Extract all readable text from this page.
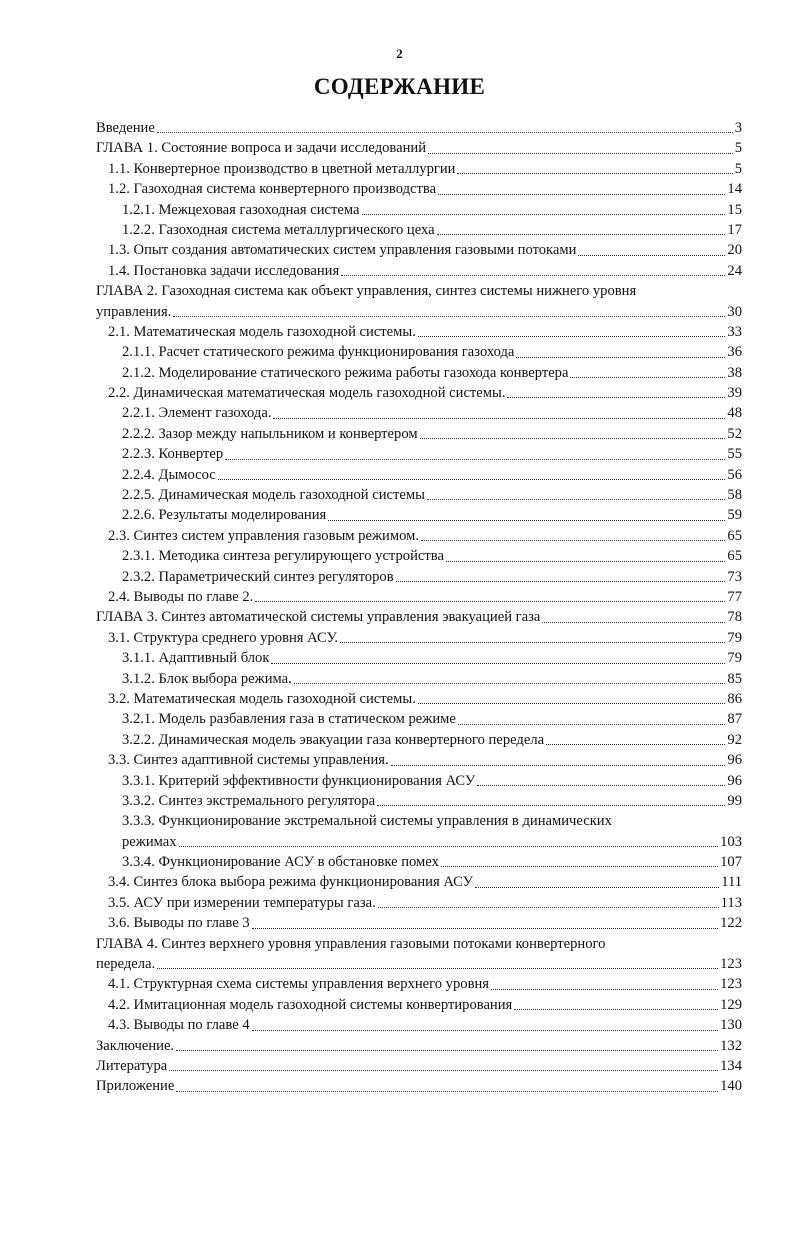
2
СОДЕРЖАНИЕ
Введение	3
ГЛАВА 1. Состояние вопроса и задачи исследований	5
1.1. Конвертерное производство в цветной металлургии	5
1.2. Газоходная система конвертерного производства	14
1.2.1. Межцеховая газоходная система	15
1.2.2. Газоходная система металлургического цеха	17
1.3. Опыт создания автоматических систем управления газовыми потоками	20
1.4. Постановка задачи исследования	24
ГЛАВА 2. Газоходная система как объект управления, синтез системы нижнего уровня
управления.	30
2.1. Математическая модель газоходной системы.	33
2.1.1. Расчет статического режима функционирования газохода	36
2.1.2. Моделирование статического режима работы газохода конвертера	38
2.2. Динамическая математическая модель газоходной системы.	39
2.2.1. Элемент газохода.	48
2.2.2. Зазор между напыльником и конвертером	52
2.2.3. Конвертер	55
2.2.4. Дымосос	56
2.2.5. Динамическая модель газоходной системы	58
2.2.6. Результаты моделирования	59
2.3. Синтез систем управления газовым режимом.	65
2.3.1. Методика синтеза регулирующего устройства	65
2.3.2. Параметрический синтез регуляторов	73
2.4. Выводы по главе 2.	77
ГЛАВА 3. Синтез автоматической системы управления эвакуацией газа	78
3.1. Структура среднего уровня АСУ.	79
3.1.1. Адаптивный блок	79
3.1.2. Блок выбора режима.	85
3.2. Математическая модель газоходной системы.	86
3.2.1. Модель разбавления газа в статическом режиме	87
3.2.2. Динамическая модель эвакуации газа конвертерного передела	92
3.3. Синтез адаптивной системы управления.	96
3.3.1. Критерий эффективности функционирования АСУ	96
3.3.2. Синтез экстремального регулятора	99
3.3.3. Функционирование экстремальной системы управления в динамических
режимах	103
3.3.4. Функционирование АСУ в обстановке помех	107
3.4. Синтез блока выбора режима функционирования АСУ	111
3.5. АСУ при измерении температуры газа.	113
3.6. Выводы по главе 3	122
ГЛАВА 4. Синтез верхнего уровня управления газовыми потоками конвертерного
передела.	123
4.1. Структурная схема системы управления верхнего уровня	123
4.2. Имитационная модель газоходной системы конвертирования	129
4.3. Выводы по главе 4	130
Заключение.	132
Литература	134
Приложение	140
